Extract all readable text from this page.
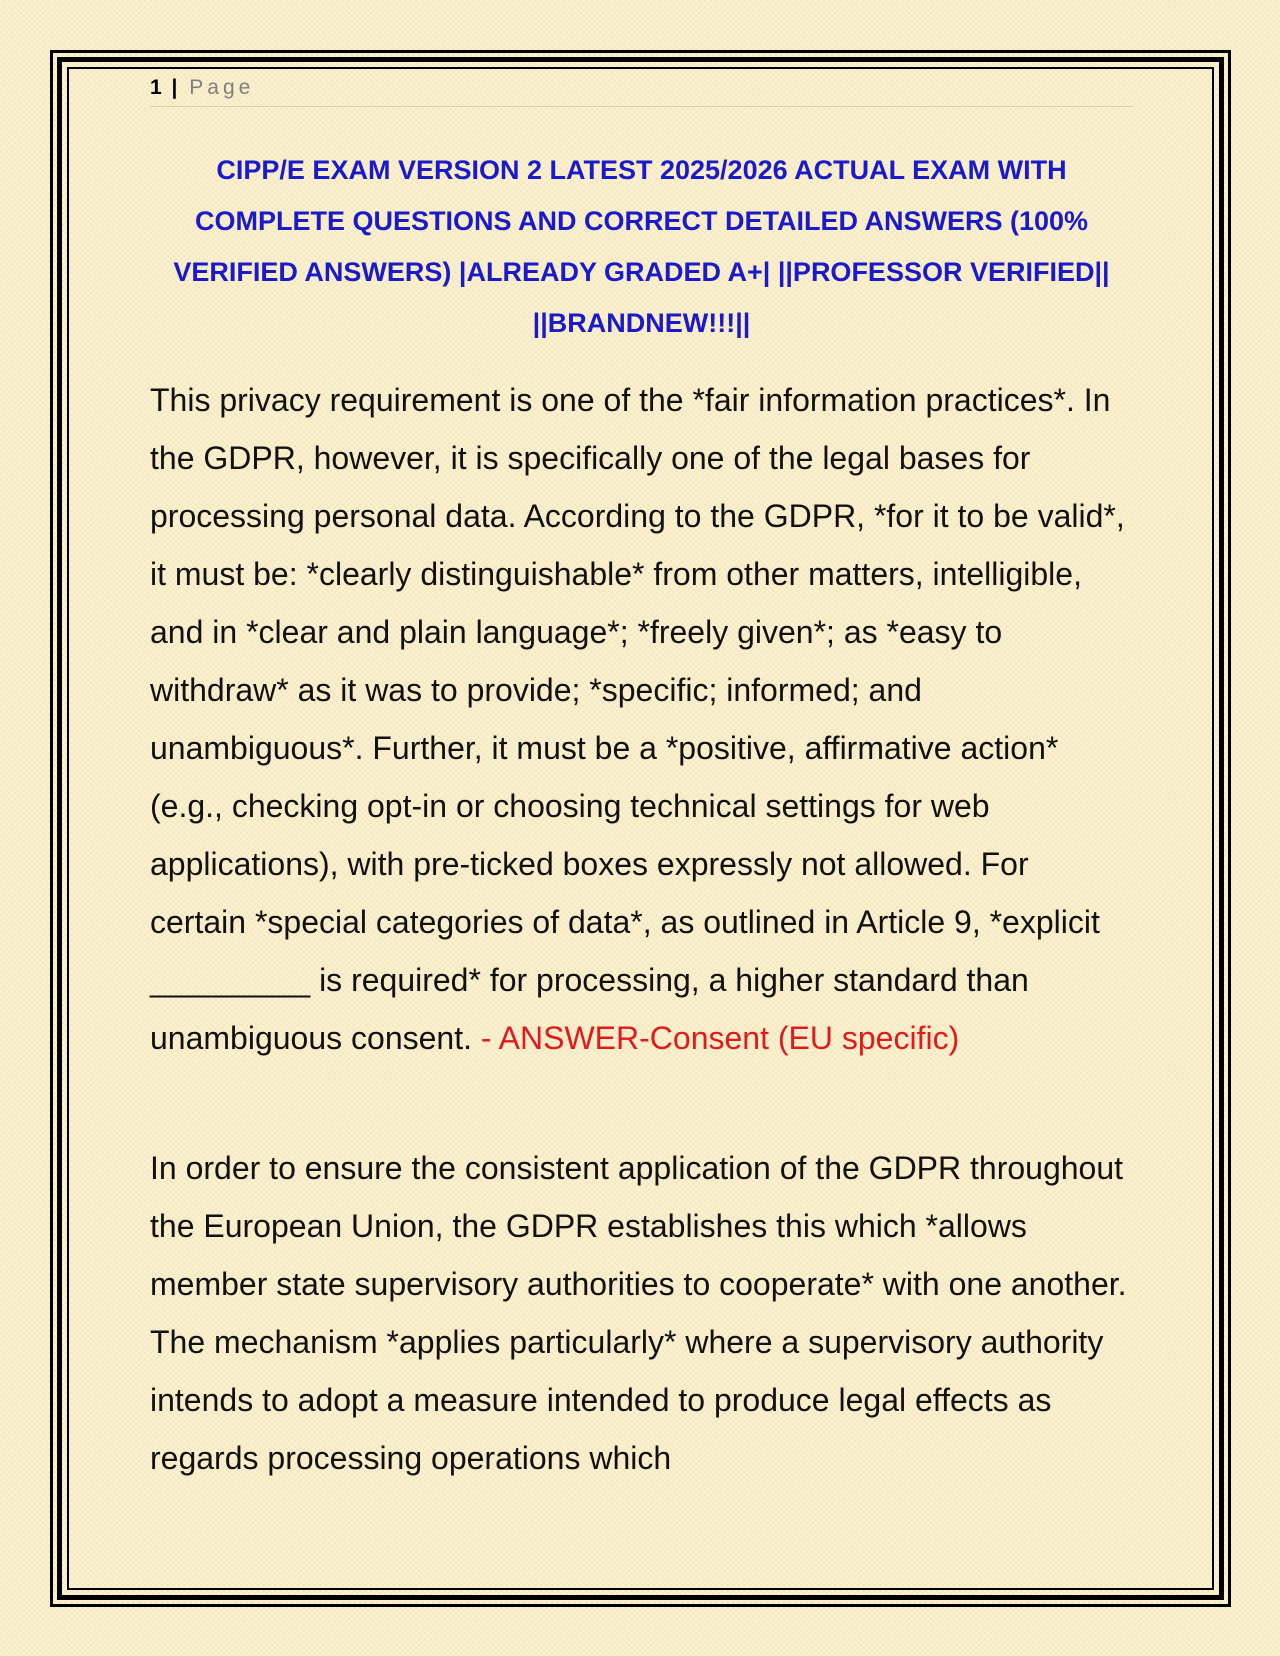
1 | Page
CIPP/E EXAM VERSION 2 LATEST 2025/2026 ACTUAL EXAM WITH COMPLETE QUESTIONS AND CORRECT DETAILED ANSWERS (100% VERIFIED ANSWERS) |ALREADY GRADED A+| ||PROFESSOR VERIFIED|| ||BRANDNEW!!!||

This privacy requirement is one of the *fair information practices*. In the GDPR, however, it is specifically one of the legal bases for processing personal data. According to the GDPR, *for it to be valid*, it must be: *clearly distinguishable* from other matters, intelligible, and in *clear and plain language*; *freely given*; as *easy to withdraw* as it was to provide; *specific; informed; and unambiguous*. Further, it must be a *positive, affirmative action* (e.g., checking opt-in or choosing technical settings for web applications), with pre-ticked boxes expressly not allowed. For certain *special categories of data*, as outlined in Article 9, *explicit _________ is required* for processing, a higher standard than unambiguous consent. - ANSWER-Consent (EU specific)

In order to ensure the consistent application of the GDPR throughout the European Union, the GDPR establishes this which *allows member state supervisory authorities to cooperate* with one another. The mechanism *applies particularly* where a supervisory authority intends to adopt a measure intended to produce legal effects as regards processing operations which
